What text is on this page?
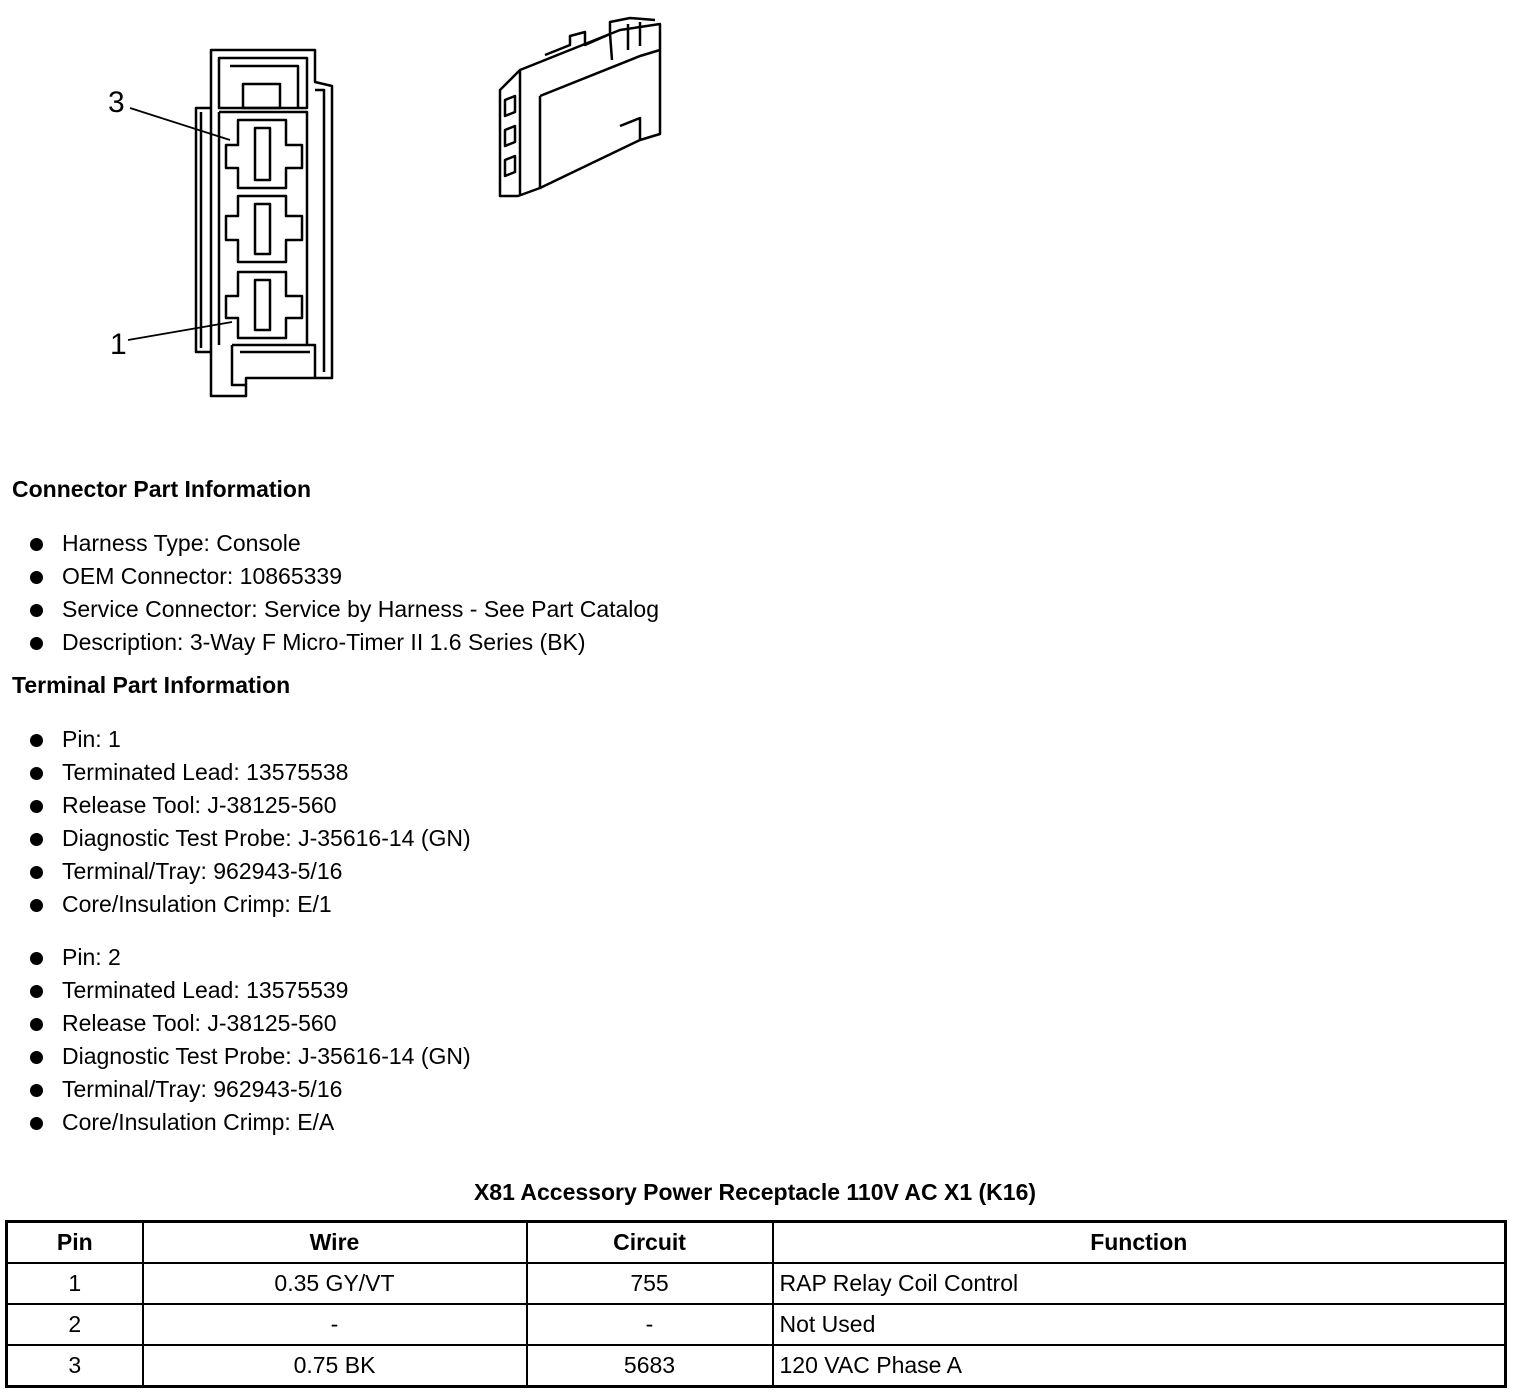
3
1
Connector Part Information
Harness Type: Console
OEM Connector: 10865339
Service Connector: Service by Harness - See Part Catalog
Description: 3-Way F Micro-Timer II 1.6 Series (BK)
Terminal Part Information
Pin: 1
Terminated Lead: 13575538
Release Tool: J-38125-560
Diagnostic Test Probe: J-35616-14 (GN)
Terminal/Tray: 962943-5/16
Core/Insulation Crimp: E/1
Pin: 2
Terminated Lead: 13575539
Release Tool: J-38125-560
Diagnostic Test Probe: J-35616-14 (GN)
Terminal/Tray: 962943-5/16
Core/Insulation Crimp: E/A
X81 Accessory Power Receptacle 110V AC X1 (K16)
Pin	Wire	Circuit	Function
1	0.35 GY/VT	755	RAP Relay Coil Control
2	-	-	Not Used
3	0.75 BK	5683	120 VAC Phase A
